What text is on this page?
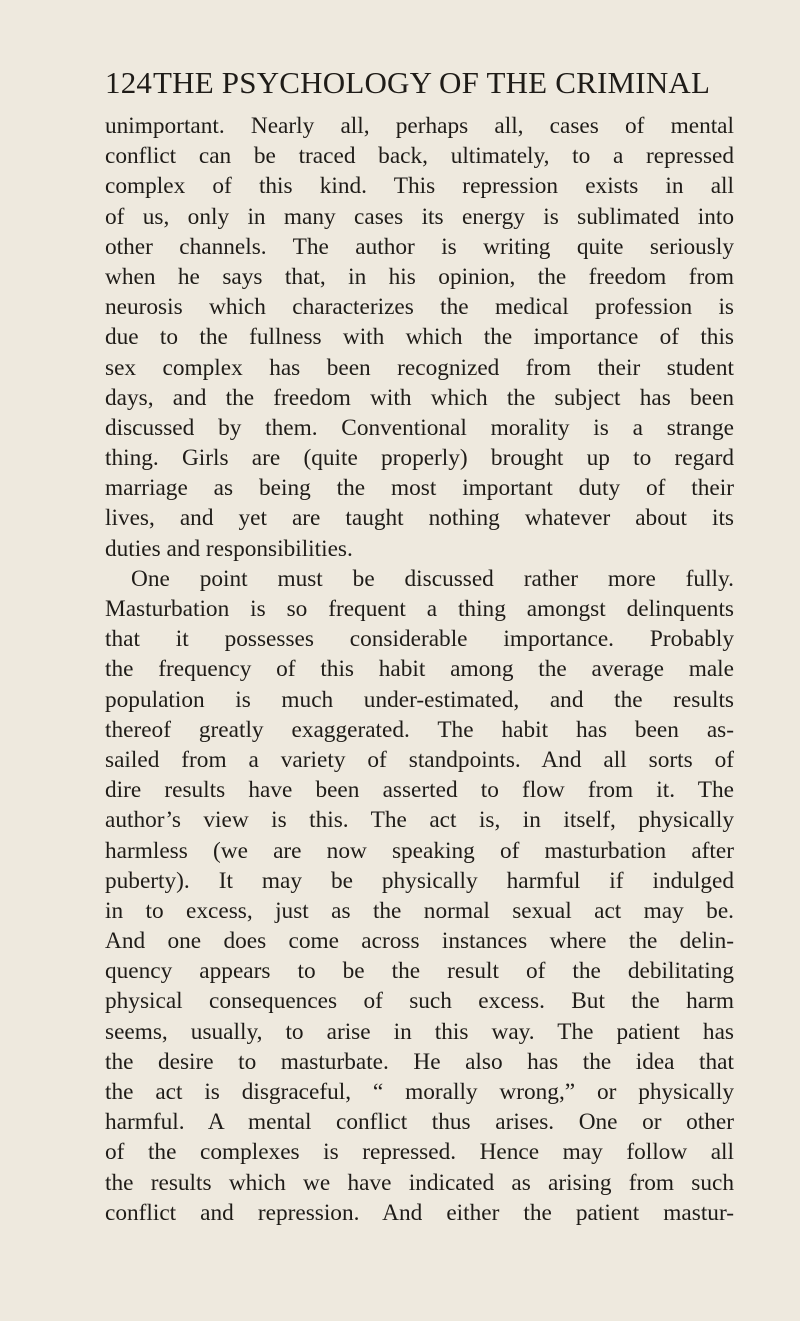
124 THE PSYCHOLOGY OF THE CRIMINAL
unimportant. Nearly all, perhaps all, cases of mental
conflict can be traced back, ultimately, to a repressed
complex of this kind. This repression exists in all
of us, only in many cases its energy is sublimated into
other channels. The author is writing quite seriously
when he says that, in his opinion, the freedom from
neurosis which characterizes the medical profession is
due to the fullness with which the importance of this
sex complex has been recognized from their student
days, and the freedom with which the subject has been
discussed by them. Conventional morality is a strange
thing. Girls are (quite properly) brought up to regard
marriage as being the most important duty of their
lives, and yet are taught nothing whatever about its
duties and responsibilities.
One point must be discussed rather more fully.
Masturbation is so frequent a thing amongst delinquents
that it possesses considerable importance. Probably
the frequency of this habit among the average male
population is much under-estimated, and the results
thereof greatly exaggerated. The habit has been as-
sailed from a variety of standpoints. And all sorts of
dire results have been asserted to flow from it. The
author’s view is this. The act is, in itself, physically
harmless (we are now speaking of masturbation after
puberty). It may be physically harmful if indulged
in to excess, just as the normal sexual act may be.
And one does come across instances where the delin-
quency appears to be the result of the debilitating
physical consequences of such excess. But the harm
seems, usually, to arise in this way. The patient has
the desire to masturbate. He also has the idea that
the act is disgraceful, “ morally wrong,” or physically
harmful. A mental conflict thus arises. One or other
of the complexes is repressed. Hence may follow all
the results which we have indicated as arising from such
conflict and repression. And either the patient mastur-
